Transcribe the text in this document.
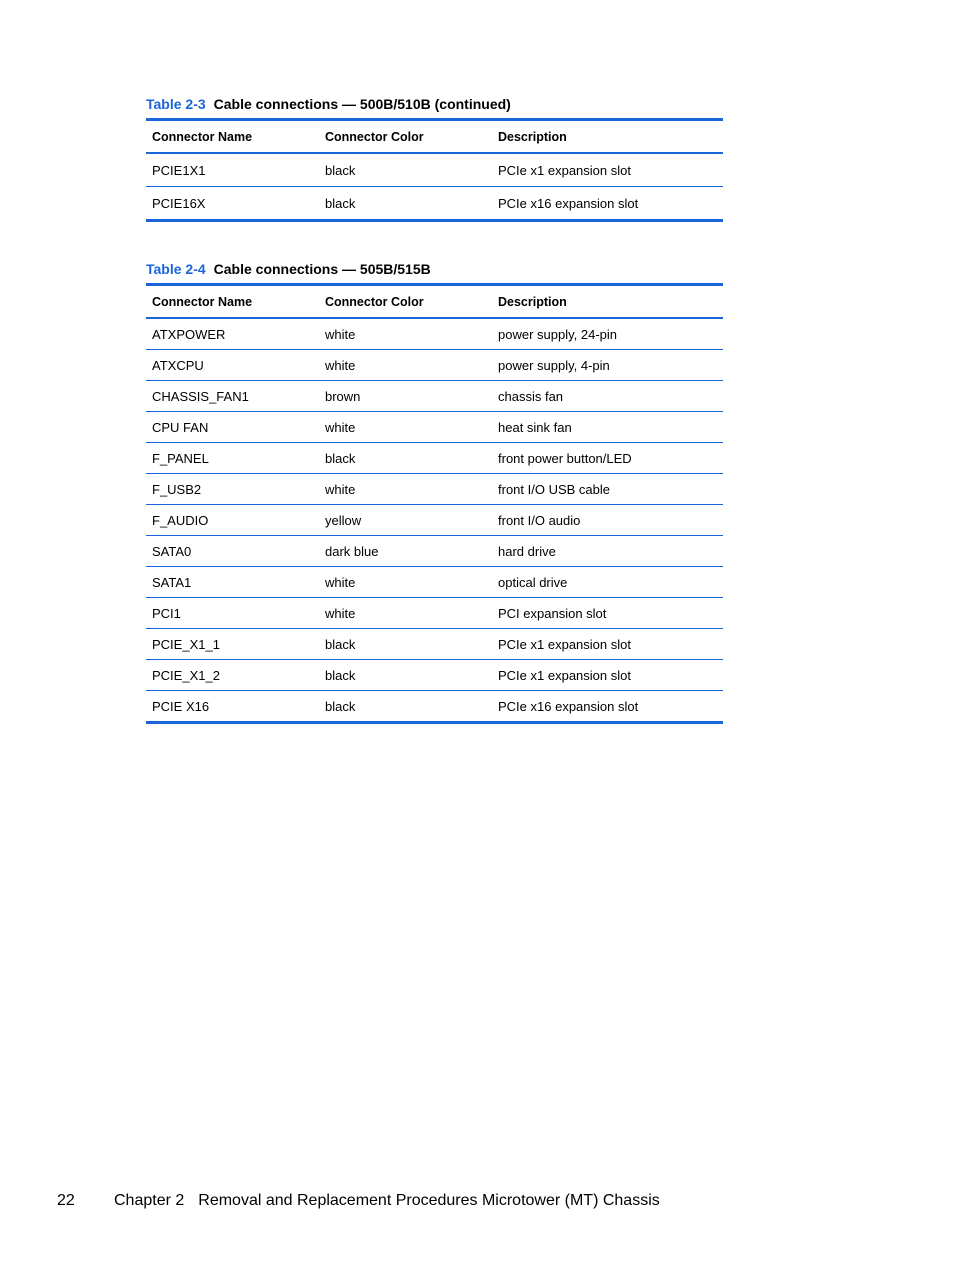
Table 2-3 Cable connections — 500B/510B (continued)
Connector Name	Connector Color	Description
PCIE1X1	black	PCIe x1 expansion slot
PCIE16X	black	PCIe x16 expansion slot
Table 2-4 Cable connections — 505B/515B
Connector Name	Connector Color	Description
ATXPOWER	white	power supply, 24-pin
ATXCPU	white	power supply, 4-pin
CHASSIS_FAN1	brown	chassis fan
CPU FAN	white	heat sink fan
F_PANEL	black	front power button/LED
F_USB2	white	front I/O USB cable
F_AUDIO	yellow	front I/O audio
SATA0	dark blue	hard drive
SATA1	white	optical drive
PCI1	white	PCI expansion slot
PCIE_X1_1	black	PCIe x1 expansion slot
PCIE_X1_2	black	PCIe x1 expansion slot
PCIE X16	black	PCIe x16 expansion slot
22 Chapter 2 Removal and Replacement Procedures Microtower (MT) Chassis
